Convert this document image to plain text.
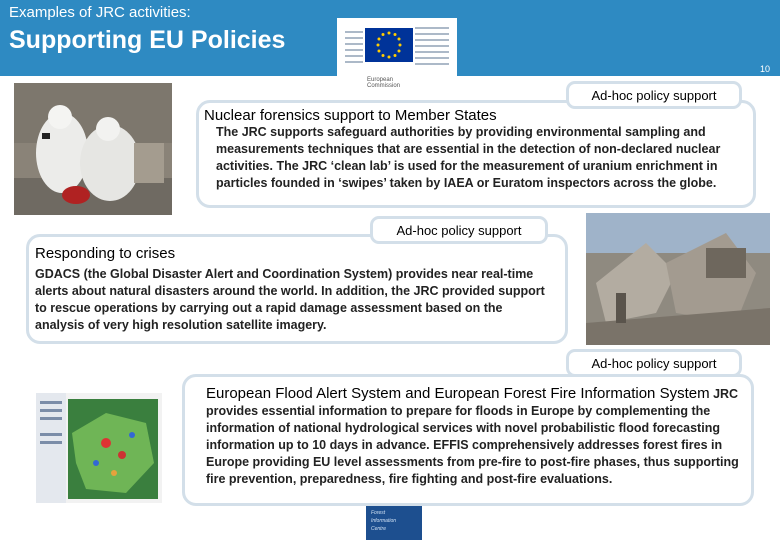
Examples of JRC activities:
Supporting EU Policies
10
European
Commission
Ad-hoc policy support
Nuclear forensics support to Member States
The JRC supports safeguard authorities by providing environmental sampling and measurements techniques that are essential in the detection of non-declared nuclear activities. The JRC ‘clean lab’ is used for the measurement of uranium enrichment in particles founded in ‘swipes’ taken by IAEA or Euratom inspectors across the globe.
Ad-hoc policy support
Responding to crises
GDACS (the Global Disaster Alert and Coordination System) provides near real-time alerts about natural disasters around the world. In addition, the JRC provided support to rescue operations by carrying out a rapid damage assessment based on the analysis of very high resolution satellite imagery.
Ad-hoc policy support
European Flood Alert System and European Forest Fire Information System JRC provides essential information to prepare for floods in Europe by complementing the information of national hydrological services with novel probabilistic flood forecasting information up to 10 days in advance. EFFIS comprehensively addresses forest fires in Europe providing EU level assessments from pre-fire to post-fire phases, thus supporting fire prevention, preparedness, fire fighting and post-fire evaluations.
Forest
Information
Centre
